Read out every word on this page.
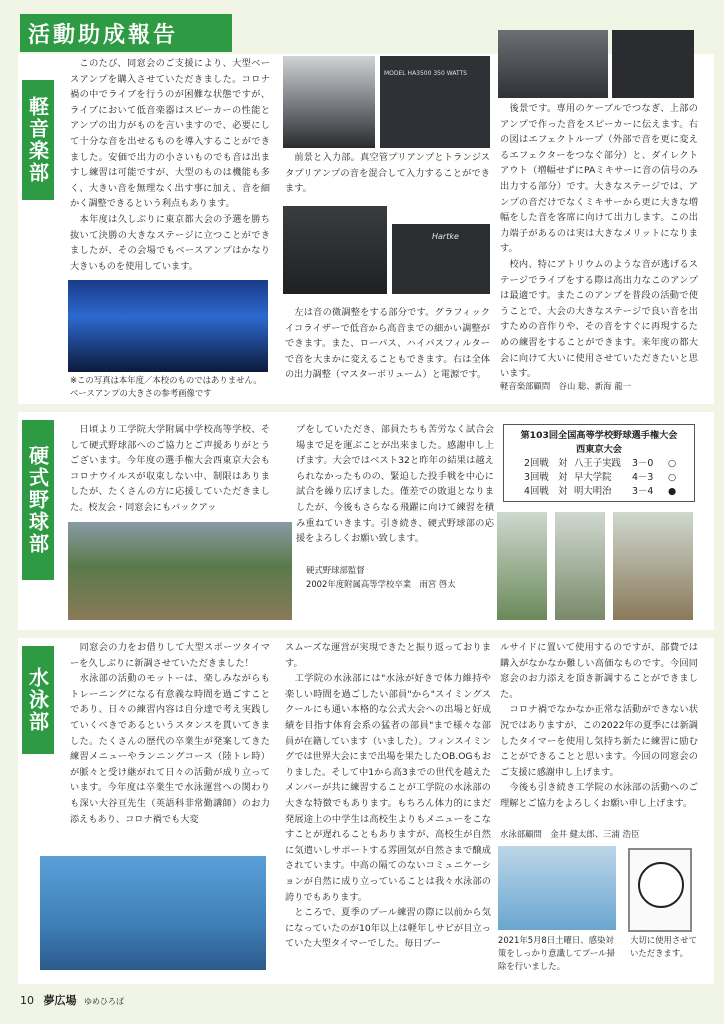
活動助成報告
軽音楽部
　このたび、同窓会のご支援により、大型ベースアンプを購入させていただきました。コロナ禍の中でライブを行うのが困難な状態ですが、ライブにおいて低音楽器はスピーカーの性能とアンプの出力がものを言いますので、必要にして十分な音を出せるものを導入することができました。安価で出力の小さいものでも音は出ますし練習は可能ですが、大型のものは機能も多く、大きい音を無理なく出す事に加え、音を細かく調整できるという利点もあります。
　本年度は久しぶりに東京都大会の予選を勝ち抜いて決勝の大きなステージに立つことができましたが、その会場でもベースアンプはかなり大きいものを使用しています。
※この写真は本年度／本校のものではありません。
ベースアンプの大きさの参考画像です
MODEL HA3500 350 WATTS
　前景と入力部。真空管プリアンプとトランジスタプリアンプの音を混合して入力することができます。
Hartke
　左は音の微調整をする部分です。グラフィックイコライザーで低音から高音までの細かい調整ができます。また、ローパス、ハイパスフィルターで音を大まかに変えることもできます。右は全体の出力調整（マスターボリューム）と電源です。
　後景です。専用のケーブルでつなぎ、上部のアンプで作った音をスピーカーに伝えます。右の図はエフェクトループ（外部で音を更に変えるエフェクターをつなぐ部分）と、ダイレクトアウト（増幅せずにPAミキサーに音の信号のみ出力する部分）です。大きなステージでは、アンプの音だけでなくミキサーから更に大きな増幅をした音を客席に向けて出力します。この出力端子があるのは実は大きなメリットになります。
　校内、特にアトリウムのような音が逃げるステージでライブをする際は高出力なこのアンプは最適です。またこのアンプを普段の活動で使うことで、大会の大きなステージで良い音を出すための音作りや、その音をすぐに再現するための練習をすることができます。来年度の都大会に向けて大いに使用させていただきたいと思います。
軽音楽部顧問　谷山 聡、新海 龍一
硬式野球部
　日頃より工学院大学附属中学校高等学校、そして硬式野球部へのご協力とご声援ありがとうございます。今年度の選手権大会西東京大会もコロナウイルスが収束しない中、制限はありましたが、たくさんの方に応援していただきました。校友会・同窓会にもバックアッ
プをしていただき、部員たちも苦労なく試合会場まで足を運ぶことが出来ました。感謝申し上げます。大会ではベスト32と昨年の結果は越えられなかったものの、緊迫した投手戦を中心に試合を繰り広げました。僅差での敗退となりましたが、今後もさらなる飛躍に向けて練習を積み重ねていきます。引き続き、硬式野球部の応援をよろしくお願い致します。
硬式野球部監督
2002年度附属高等学校卒業　雨宮 啓太
第103回全国高等学校野球選手権大会
西東京大会
2回戦 対 八王子実践	3－0	○
3回戦 対 早大学院	4－3	○
4回戦 対 明大明治	3－4	●
水泳部
　同窓会の力をお借りして大型スポーツタイマーを久しぶりに新調させていただきました！
　水泳部の活動のモットーは、楽しみながらもトレーニングになる有意義な時間を過ごすことであり、日々の練習内容は自分達で考え実践していくべきであるというスタンスを貫いてきました。たくさんの歴代の卒業生が発案してきた練習メニューやランニングコース（陸トレ時）が脈々と受け継がれて日々の活動が成り立っています。今年度は卒業生で水泳運営への関わりも深い大谷亘先生（英語科非常勤講師）のお力添えもあり、コロナ禍でも大変
スムーズな運営が実現できたと振り返っております。
　工学院の水泳部には"水泳が好きで体力維持や楽しい時間を過ごしたい部員"から"スイミングスクールにも通い本格的な公式大会への出場と好成績を目指す体育会系の猛者の部員"まで様々な部員が在籍しています（いました）。フィンスイミングでは世界大会にまで出場を果たしたOB.OGもおりました。そして中1から高3までの世代を越えたメンバーが共に練習することが工学院の水泳部の大きな特徴でもあります。もちろん体力的にまだ発展途上の中学生は高校生よりもメニューをこなすことが遅れることもありますが、高校生が自然に気遣いしサポートする雰囲気が自然さまで醸成されています。中高の隔てのないコミュニケーションが自然に成り立っていることは我々水泳部の誇りでもあります。
　ところで、夏季のプール練習の際に以前から気になっていたのが10年以上は軽年しサビが目立っていた大型タイマーでした。毎日プー
ルサイドに置いて使用するのですが、部費では購入がなかなか難しい高価なものです。今回同窓会のお力添えを頂き新調することができました。
　コロナ禍でなかなか正常な活動ができない状況ではありますが、この2022年の夏季には新調したタイマーを使用し気持ち新たに練習に励むことができることと思います。今回の同窓会のご支援に感謝申し上げます。
　今後も引き続き工学院の水泳部の活動へのご理解とご協力をよろしくお願い申し上げます。
水泳部顧問　金井 健太郎、三浦 浩臣
2021年5月8日土曜日、感染対策をしっかり意識してプール掃除を行いました。
大切に使用させていただきます。
10 夢広場 ゆめひろば
